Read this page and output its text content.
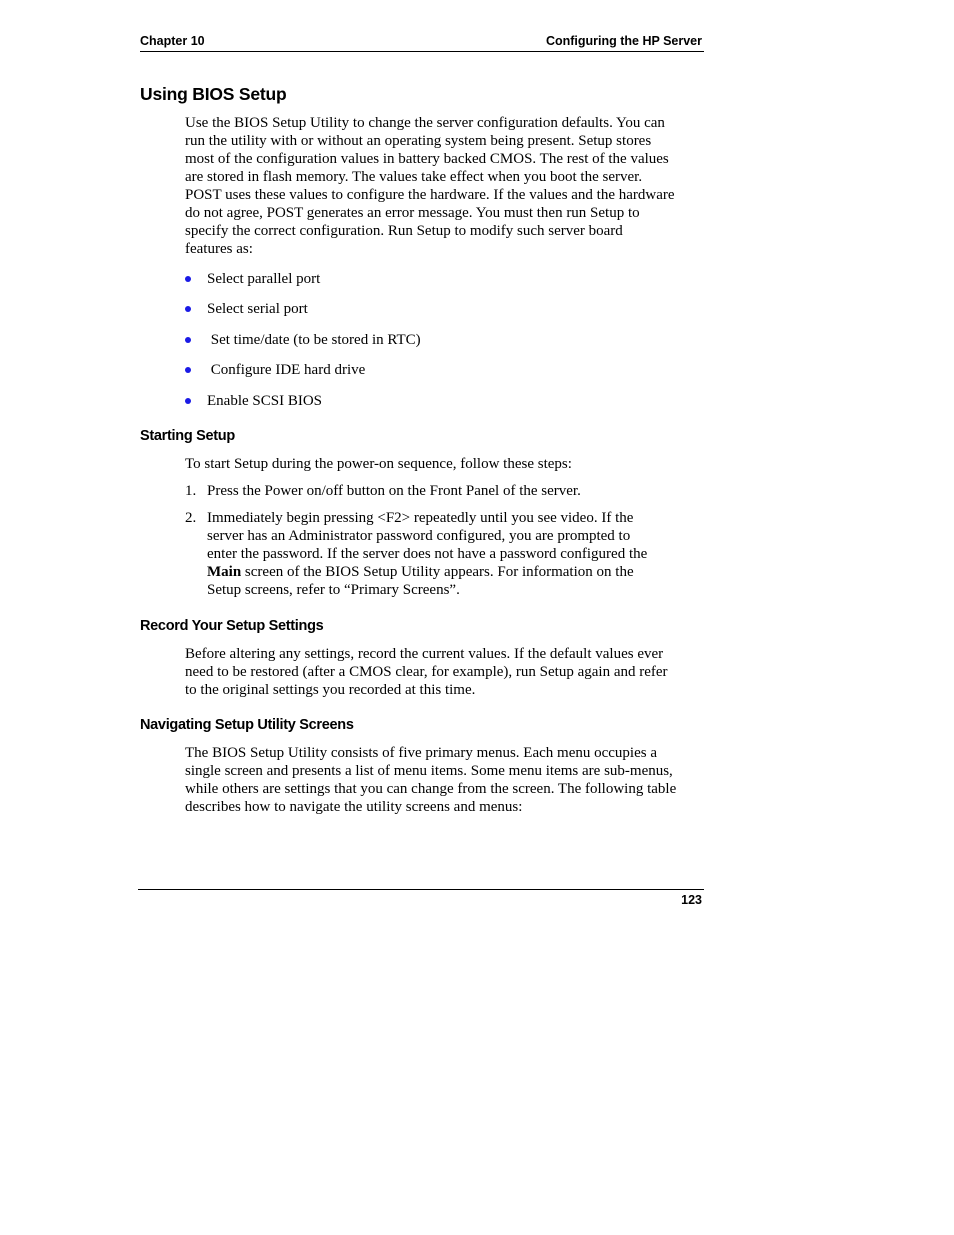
Chapter 10	Configuring the HP Server
Using BIOS Setup
Use the BIOS Setup Utility to change the server configuration defaults. You can
run the utility with or without an operating system being present. Setup stores
most of the configuration values in battery backed CMOS. The rest of the values
are stored in flash memory. The values take effect when you boot the server.
POST uses these values to configure the hardware. If the values and the hardware
do not agree, POST generates an error message. You must then run Setup to
specify the correct configuration. Run Setup to modify such server board
features as:
Select parallel port
Select serial port
Set time/date (to be stored in RTC)
Configure IDE hard drive
Enable SCSI BIOS
Starting Setup
To start Setup during the power-on sequence, follow these steps:
1. Press the Power on/off button on the Front Panel of the server.
2. Immediately begin pressing <F2> repeatedly until you see video. If the
server has an Administrator password configured, you are prompted to
enter the password. If the server does not have a password configured the
Main screen of the BIOS Setup Utility appears. For information on the
Setup screens, refer to “Primary Screens”.
Record Your Setup Settings
Before altering any settings, record the current values. If the default values ever
need to be restored (after a CMOS clear, for example), run Setup again and refer
to the original settings you recorded at this time.
Navigating Setup Utility Screens
The BIOS Setup Utility consists of five primary menus. Each menu occupies a
single screen and presents a list of menu items. Some menu items are sub-menus,
while others are settings that you can change from the screen. The following table
describes how to navigate the utility screens and menus:
123
